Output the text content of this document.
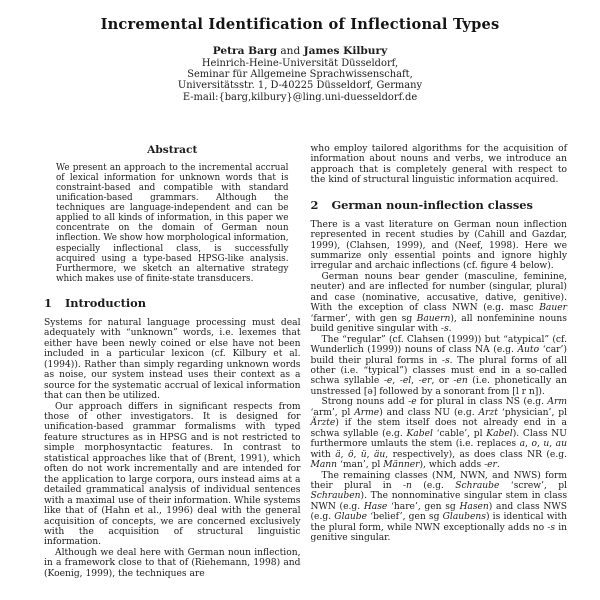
Incremental Identification of Inflectional Types
Petra Barg and James Kilbury
Heinrich-Heine-Universität Düsseldorf,
Seminar für Allgemeine Sprachwissenschaft,
Universitätsstr. 1, D-40225 Düsseldorf, Germany
E-mail:{barg,kilbury}@ling.uni-duesseldorf.de
Abstract
We present an approach to the incremental accrual of lexical information for unknown words that is constraint-based and compatible with standard unification-based grammars. Although the techniques are language-independent and can be applied to all kinds of information, in this paper we concentrate on the domain of German noun inflection. We show how morphological information, especially inflectional class, is successfully acquired using a type-based HPSG-like analysis. Furthermore, we sketch an alternative strategy which makes use of finite-state transducers.
1 Introduction

Systems for natural language processing must deal adequately with “unknown” words, i.e. lexemes that either have been newly coined or else have not been included in a particular lexicon (cf. Kilbury et al. (1994)). Rather than simply regarding unknown words as noise, our system instead uses their context as a source for the systematic accrual of lexical information that can then be utilized.

Our approach differs in significant respects from those of other investigators. It is designed for unification-based grammar formalisms with typed feature structures as in HPSG and is not restricted to simple morphosyntactic features. In contrast to statistical approaches like that of (Brent, 1991), which often do not work incrementally and are intended for the application to large corpora, ours instead aims at a detailed grammatical analysis of individual sentences with a maximal use of their information. While systems like that of (Hahn et al., 1996) deal with the general acquisition of concepts, we are concerned exclusively with the acquisition of structural linguistic information.

Although we deal here with German noun inflection, in a framework close to that of (Riehemann, 1998) and (Koenig, 1999), the techniques are

who employ tailored algorithms for the acquisition of information about nouns and verbs, we introduce an approach that is completely general with respect to the kind of structural linguistic information acquired.

2 German noun-inflection classes

There is a vast literature on German noun inflection represented in recent studies by (Cahill and Gazdar, 1999), (Clahsen, 1999), and (Neef, 1998). Here we summarize only essential points and ignore highly irregular and archaic inflections (cf. figure 4 below).

German nouns bear gender (masculine, feminine, neuter) and are inflected for number (singular, plural) and case (nominative, accusative, dative, genitive). With the exception of class NWN (e.g. masc Bauer ‘farmer’, with gen sg Bauern), all nonfeminine nouns build genitive singular with -s.

The “regular” (cf. Clahsen (1999)) but “atypical” (cf. Wunderlich (1999)) nouns of class NA (e.g. Auto ‘car’) build their plural forms in -s. The plural forms of all other (i.e. “typical”) classes must end in a so-called schwa syllable -e, -el, -er, or -en (i.e. phonetically an unstressed [ə] followed by a sonorant from [l r n]).

Strong nouns add -e for plural in class NS (e.g. Arm ‘arm’, pl Arme) and class NU (e.g. Arzt ‘physician’, pl Ärzte) if the stem itself does not already end in a schwa syllable (e.g. Kabel ‘cable’, pl Kabel). Class NU furthermore umlauts the stem (i.e. replaces a, o, u, au with ä, ö, ü, äu, respectively), as does class NR (e.g. Mann ‘man’, pl Männer), which adds -er.

The remaining classes (NM, NWN, and NWS) form their plural in -n (e.g. Schraube ‘screw’, pl Schrauben). The nonnominative singular stem in class NWN (e.g. Hase ‘hare’, gen sg Hasen) and class NWS (e.g. Glaube ‘belief’, gen sg Glaubens) is identical with the plural form, while NWN exceptionally adds no -s in genitive singular.
